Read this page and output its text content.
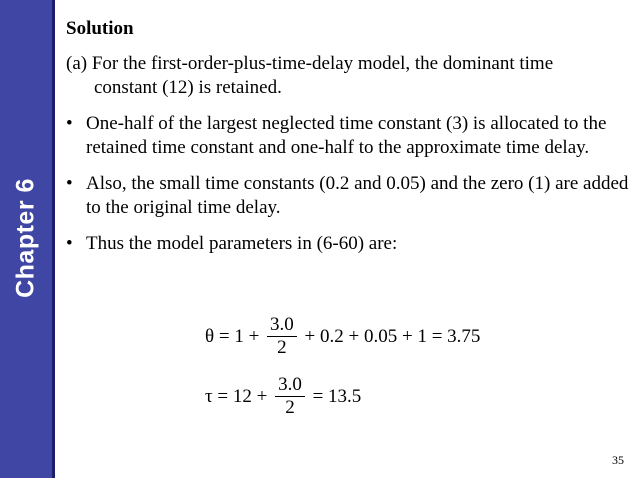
Chapter 6
Solution
(a) For the first-order-plus-time-delay model, the dominant time
constant (12) is retained.
• One-half of the largest neglected time constant (3) is allocated to the retained time constant and one-half to the approximate time delay.
• Also, the small time constants (0.2 and 0.05) and the zero (1) are added to the original time delay.
• Thus the model parameters in (6-60) are:
$\theta = 1 + \frac{3.0}{2} + 0.2 + 0.05 + 1 = 3.75$
$\tau = 12 + \frac{3.0}{2} = 13.5$
35
